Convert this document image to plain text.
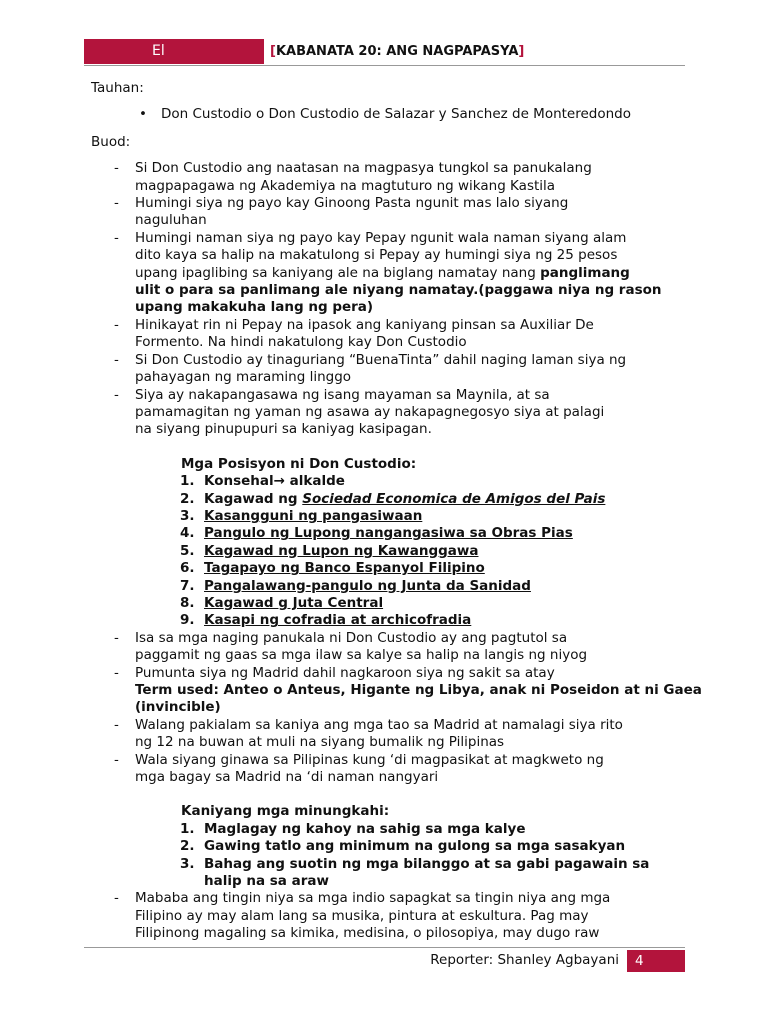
El Filibusterismo
[KABANATA 20: ANG NAGPAPASYA]

Tauhan:

• Don Custodio o Don Custodio de Salazar y Sanchez de Monteredondo

Buod:

- Si Don Custodio ang naatasan na magpasya tungkol sa panukalang
magpapagawa ng Akademiya na magtuturo ng wikang Kastila
- Humingi siya ng payo kay Ginoong Pasta ngunit mas lalo siyang
naguluhan
- Humingi naman siya ng payo kay Pepay ngunit wala naman siyang alam
dito kaya sa halip na makatulong si Pepay ay humingi siya ng 25 pesos
upang ipaglibing sa kaniyang ale na biglang namatay nang panglimang
ulit o para sa panlimang ale niyang namatay.(paggawa niya ng rason
upang makakuha lang ng pera)
- Hinikayat rin ni Pepay na ipasok ang kaniyang pinsan sa Auxiliar De
Formento. Na hindi nakatulong kay Don Custodio
- Si Don Custodio ay tinaguriang “BuenaTinta” dahil naging laman siya ng
pahayagan ng maraming linggo
- Siya ay nakapangasawa ng isang mayaman sa Maynila, at sa
pamamagitan ng yaman ng asawa ay nakapagnegosyo siya at palagi
na siyang pinupupuri sa kaniyag kasipagan.
Mga Posisyon ni Don Custodio:
1. Konsehal→ alkalde
2. Kagawad ng Sociedad Economica de Amigos del Pais
3. Kasangguni ng pangasiwaan
4. Pangulo ng Lupong nangangasiwa sa Obras Pias
5. Kagawad ng Lupon ng Kawanggawa
6. Tagapayo ng Banco Espanyol Filipino
7. Pangalawang-pangulo ng Junta da Sanidad
8. Kagawad g Juta Central
9. Kasapi ng cofradia at archicofradia
- Isa sa mga naging panukala ni Don Custodio ay ang pagtutol sa
paggamit ng gaas sa mga ilaw sa kalye sa halip na langis ng niyog
- Pumunta siya ng Madrid dahil nagkaroon siya ng sakit sa atay
Term used: Anteo o Anteus, Higante ng Libya, anak ni Poseidon at ni Gaea
(invincible)
- Walang pakialam sa kaniya ang mga tao sa Madrid at namalagi siya rito
ng 12 na buwan at muli na siyang bumalik ng Pilipinas
- Wala siyang ginawa sa Pilipinas kung ‘di magpasikat at magkweto ng
mga bagay sa Madrid na ‘di naman nangyari
Kaniyang mga minungkahi:
1. Maglagay ng kahoy na sahig sa mga kalye
2. Gawing tatlo ang minimum na gulong sa mga sasakyan
3. Bahag ang suotin ng mga bilanggo at sa gabi pagawain sa
halip na sa araw
- Mababa ang tingin niya sa mga indio sapagkat sa tingin niya ang mga
Filipino ay may alam lang sa musika, pintura at eskultura. Pag may
Filipinong magaling sa kimika, medisina, o pilosopiya, may dugo raw
Reporter: Shanley Agbayani	4
